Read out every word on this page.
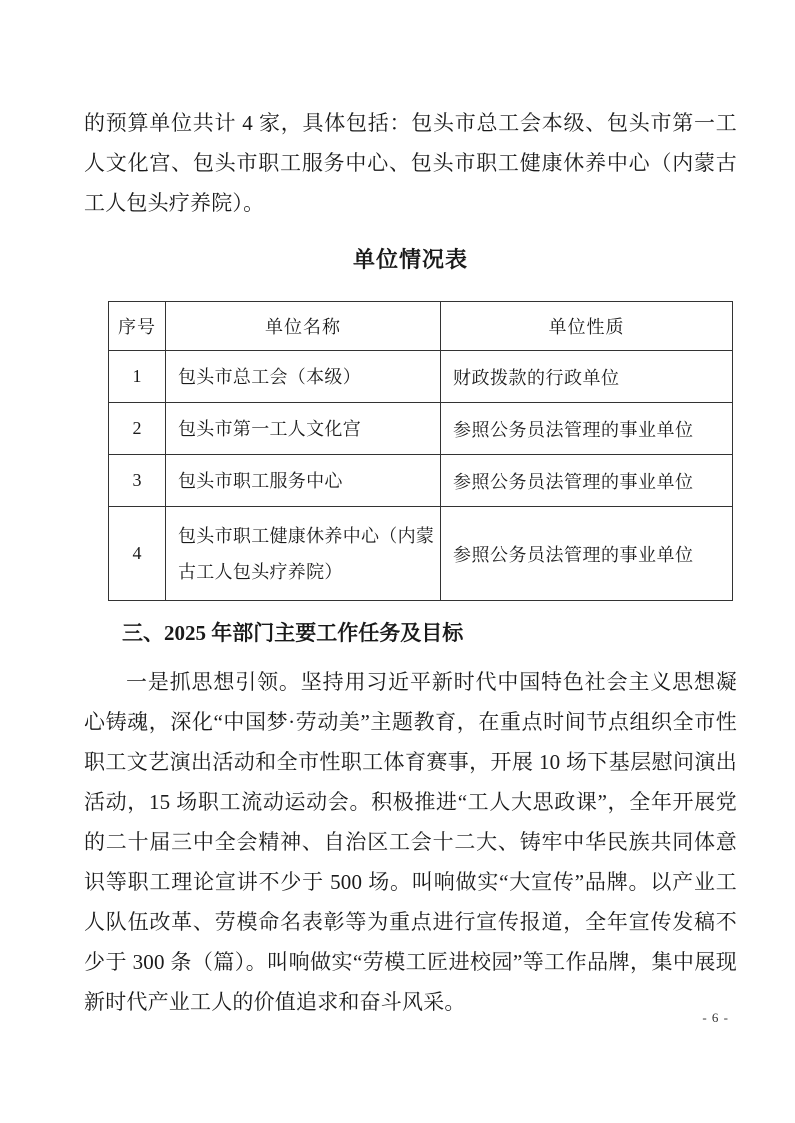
的预算单位共计 4 家，具体包括：包头市总工会本级、包头市第一工人文化宫、包头市职工服务中心、包头市职工健康休养中心（内蒙古工人包头疗养院）。

单位情况表
序号	单位名称	单位性质
1	包头市总工会（本级）	财政拨款的行政单位
2	包头市第一工人文化宫	参照公务员法管理的事业单位
3	包头市职工服务中心	参照公务员法管理的事业单位
4	包头市职工健康休养中心（内蒙古工人包头疗养院）	参照公务员法管理的事业单位
三、2025 年部门主要工作任务及目标

一是抓思想引领。坚持用习近平新时代中国特色社会主义思想凝心铸魂，深化“中国梦·劳动美”主题教育，在重点时间节点组织全市性职工文艺演出活动和全市性职工体育赛事，开展 10 场下基层慰问演出活动，15 场职工流动运动会。积极推进“工人大思政课”，全年开展党的二十届三中全会精神、自治区工会十二大、铸牢中华民族共同体意识等职工理论宣讲不少于 500 场。叫响做实“大宣传”品牌。以产业工人队伍改革、劳模命名表彰等为重点进行宣传报道，全年宣传发稿不少于 300 条（篇）。叫响做实“劳模工匠进校园”等工作品牌，集中展现新时代产业工人的价值追求和奋斗风采。

- 6 -
